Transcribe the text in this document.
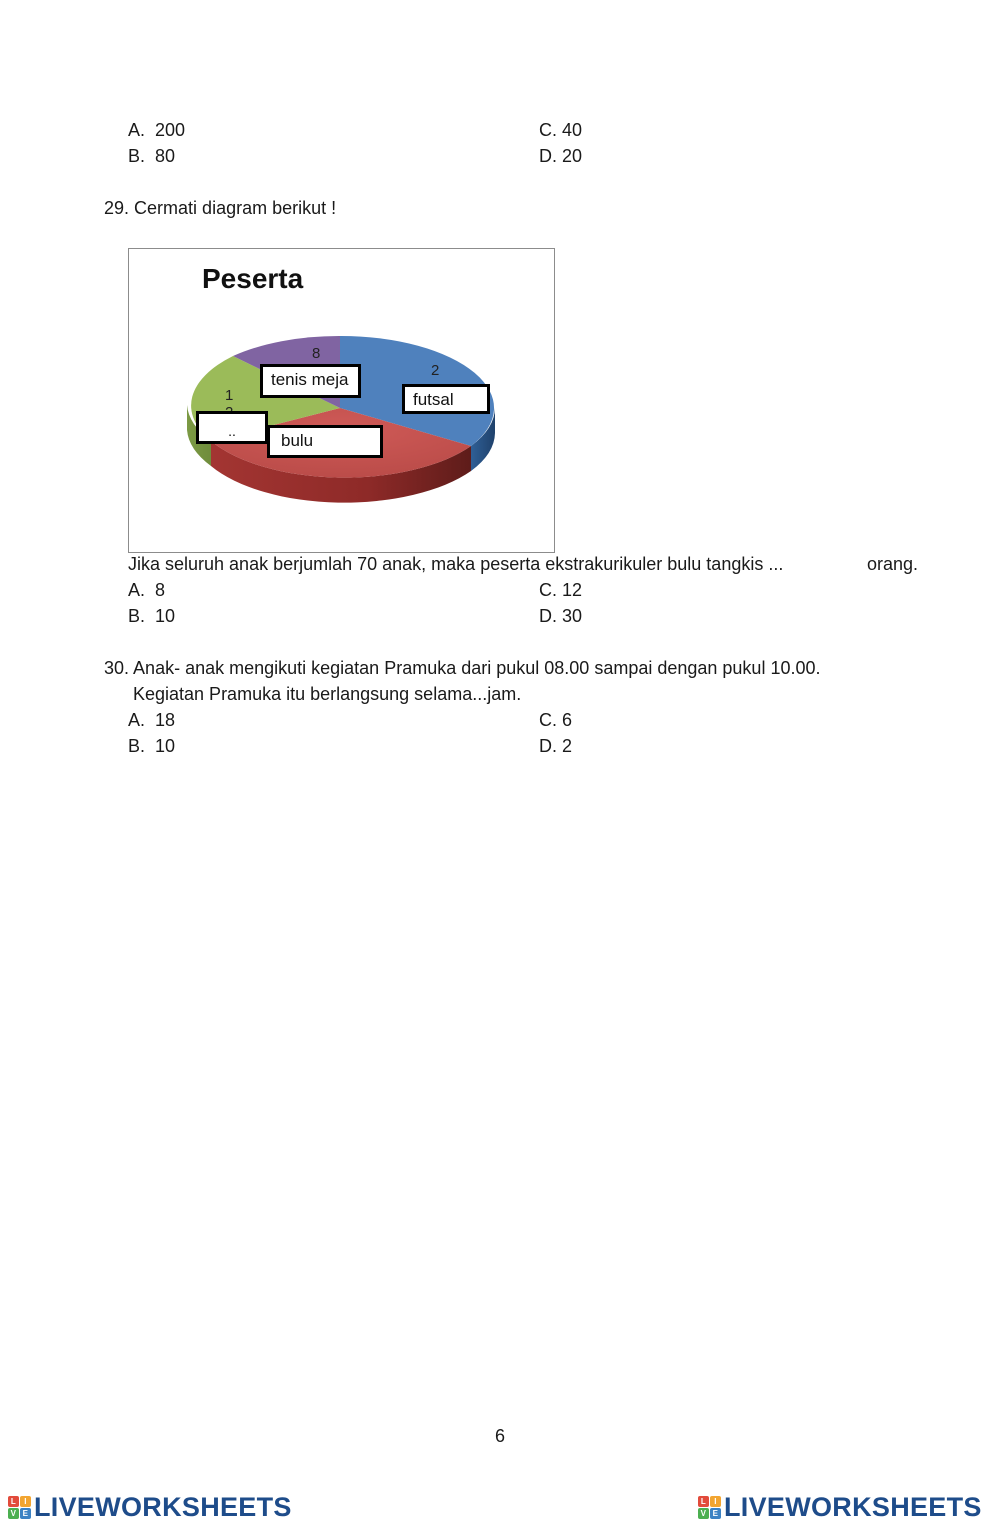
A. 200
B. 80
C. 40
D. 20
29. Cermati diagram berikut !
Peserta
8
2
1
tenis meja
futsal
..	bulu
Jika seluruh anak berjumlah 70 anak, maka peserta ekstrakurikuler bulu tangkis ...	orang.
A. 8
B. 10
C. 12
D. 30
30. Anak- anak mengikuti kegiatan Pramuka dari pukul 08.00 sampai dengan pukul 10.00.
Kegiatan Pramuka itu berlangsung selama...jam.
A. 18
B. 10
C. 6
D. 2
6
L	I
V E LIVEWORKSHEETS	L	I
V E LIVEWORKSHEETS
